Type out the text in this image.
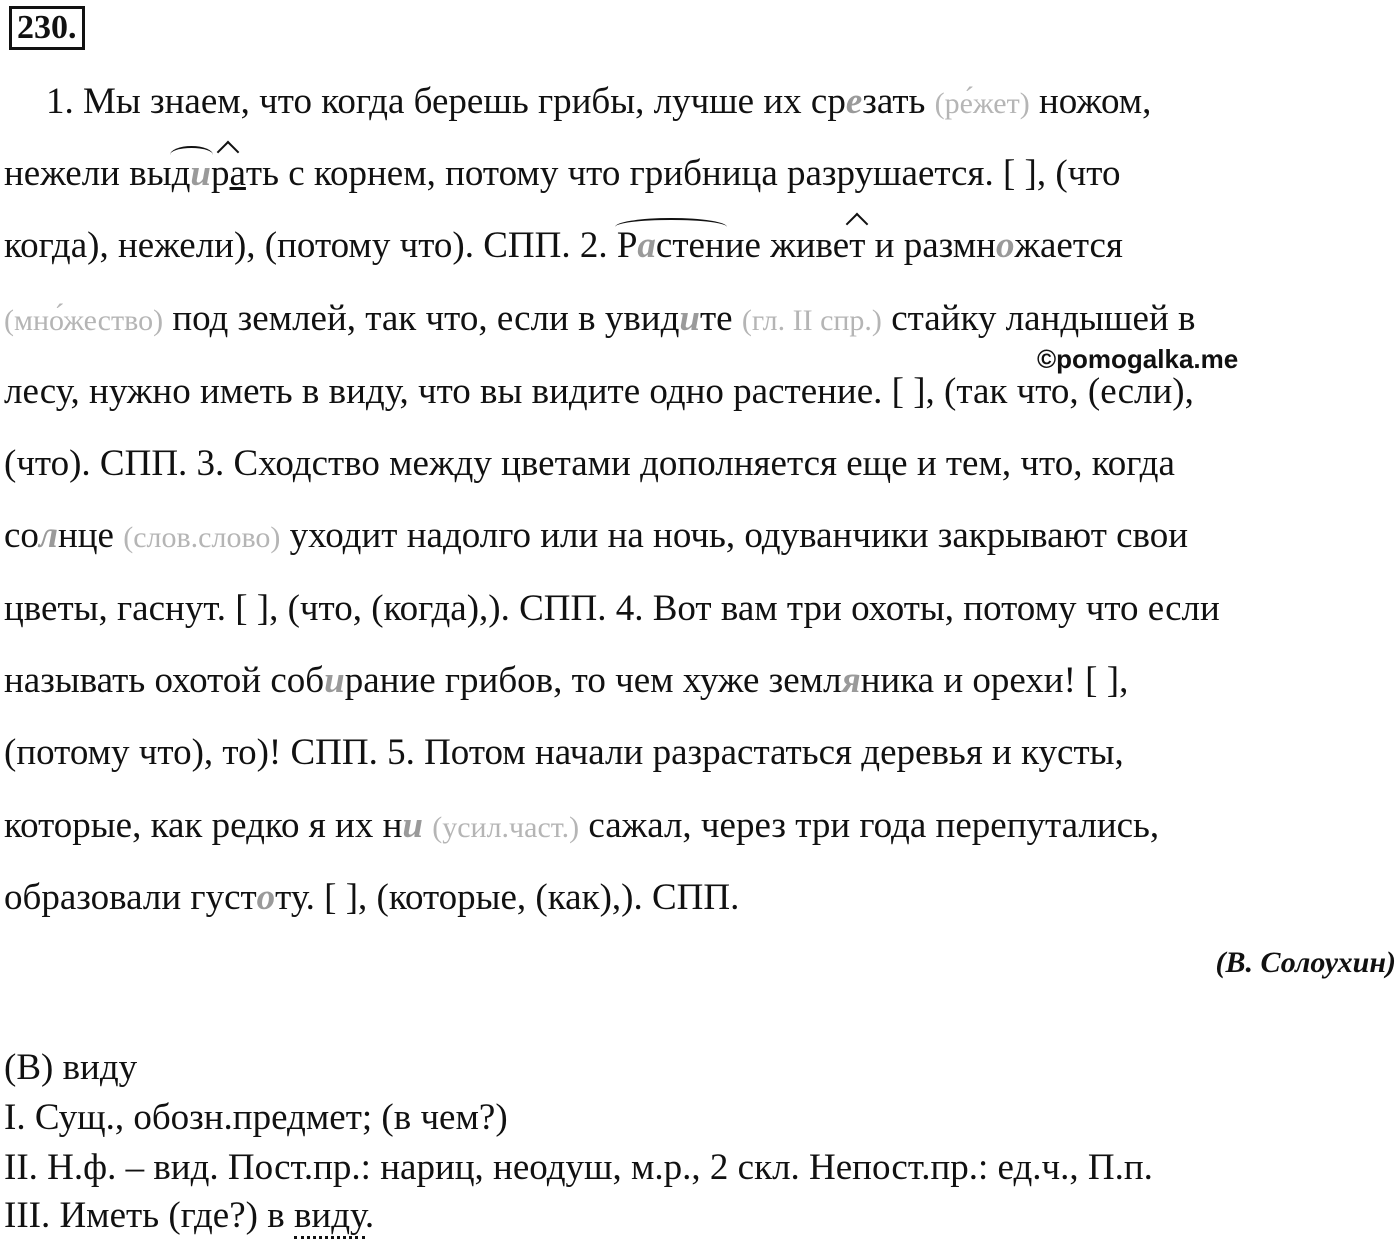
230.
©pomogalka.me
1. Мы знаем, что когда берешь грибы, лучше их срезать (ре́жет) ножом,
нежели выдирать с корнем, потому что грибница разрушается. [ ], (что
когда), нежели), (потому что). СПП. 2. Растение живет и размножается
(мно́жество) под землей, так что, если в увидите (гл. II спр.) стайку ландышей в
лесу, нужно иметь в виду, что вы видите одно растение. [ ], (так что, (если),
(что). СПП. 3. Сходство между цветами дополняется еще и тем, что, когда
солнце (слов.слово) уходит надолго или на ночь, одуванчики закрывают свои
цветы, гаснут. [ ], (что, (когда),). СПП. 4. Вот вам три охоты, потому что если
называть охотой собирание грибов, то чем хуже земляника и орехи! [ ],
(потому что), то)! СПП. 5. Потом начали разрастаться деревья и кусты,
которые, как редко я их ни (усил.част.) сажал, через три года перепутались,
образовали густоту. [ ], (которые, (как),). СПП.
(В. Солоухин)
(В) виду
I. Сущ., обозн.предмет; (в чем?)
II. Н.ф. – вид. Пост.пр.: нариц, неодуш, м.р., 2 скл. Непост.пр.: ед.ч., П.п.
III. Иметь (где?) в виду.
